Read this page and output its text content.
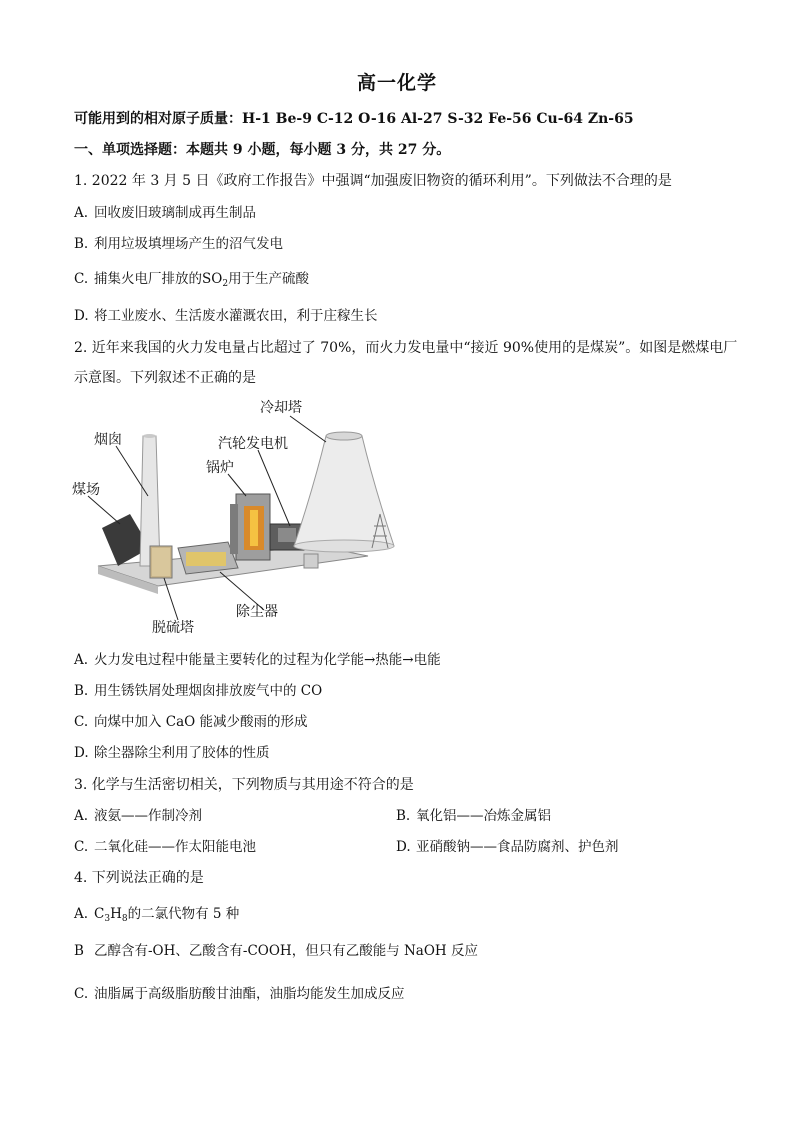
高一化学
可能用到的相对原子质量：H-1 Be-9 C-12 O-16 Al-27 S-32 Fe-56 Cu-64 Zn-65
一、单项选择题：本题共 9 小题，每小题 3 分，共 27 分。
1. 2022 年 3 月 5 日《政府工作报告》中强调“加强废旧物资的循环利用”。下列做法不合理的是
A. 回收废旧玻璃制成再生制品
B. 利用垃圾填埋场产生的沼气发电
C. 捕集火电厂排放的$SO_2$用于生产硫酸
D. 将工业废水、生活废水灌溉农田，利于庄稼生长
2. 近年来我国的火力发电量占比超过了 70%，而火力发电量中“接近 90%使用的是煤炭”。如图是燃煤电厂
示意图。下列叙述不正确的是
冷却塔
烟囱	汽轮发电机
锅炉
煤场
除尘器
脱硫塔
A. 火力发电过程中能量主要转化的过程为化学能→热能→电能
B. 用生锈铁屑处理烟囱排放废气中的 CO
C. 向煤中加入 CaO 能减少酸雨的形成
D. 除尘器除尘利用了胶体的性质
3. 化学与生活密切相关，下列物质与其用途不符合的是
A. 液氨——作制冷剂	B. 氧化铝——冶炼金属铝
C. 二氧化硅——作太阳能电池	D. 亚硝酸钠——食品防腐剂、护色剂
4. 下列说法正确的是
A. $C_3H_8$的二氯代物有 5 种
B 乙醇含有-OH、乙酸含有-COOH，但只有乙酸能与 NaOH 反应
C. 油脂属于高级脂肪酸甘油酯，油脂均能发生加成反应
